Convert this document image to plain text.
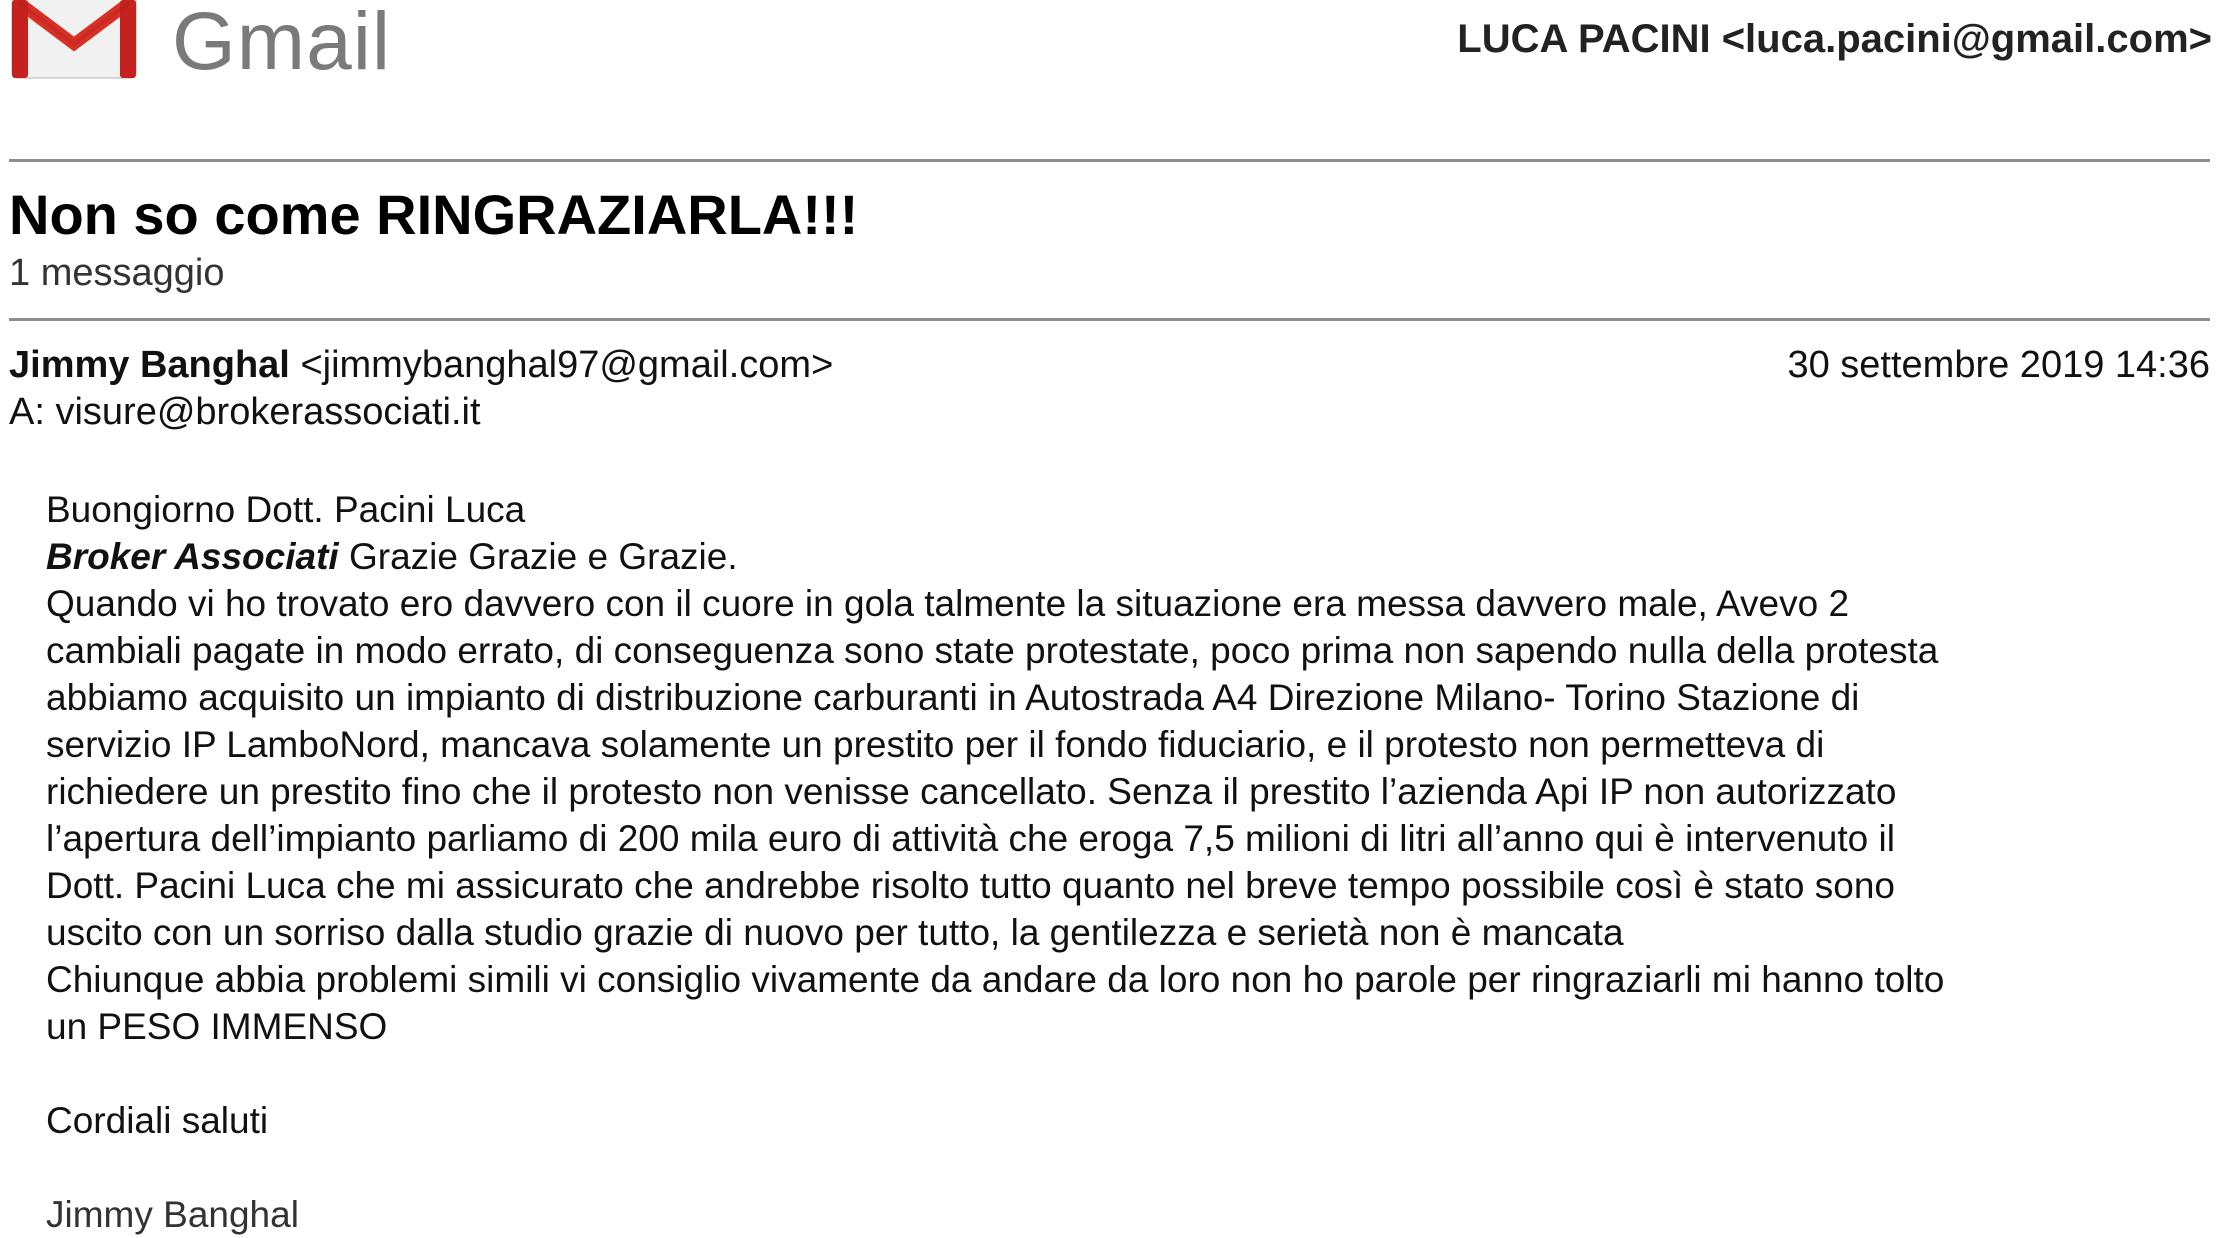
Gmail	LUCA PACINI <luca.pacini@gmail.com>
Non so come RINGRAZIARLA!!!
1 messaggio
Jimmy Banghal <jimmybanghal97@gmail.com>	30 settembre 2019 14:36
A: visure@brokerassociati.it

Buongiorno Dott. Pacini Luca

Broker Associati Grazie Grazie e Grazie.

Quando vi ho trovato ero davvero con il cuore in gola talmente la situazione era messa davvero male, Avevo 2

cambiali pagate in modo errato, di conseguenza sono state protestate, poco prima non sapendo nulla della protesta

abbiamo acquisito un impianto di distribuzione carburanti in Autostrada A4 Direzione Milano- Torino Stazione di

servizio IP LamboNord, mancava solamente un prestito per il fondo fiduciario, e il protesto non permetteva di

richiedere un prestito fino che il protesto non venisse cancellato. Senza il prestito l’azienda Api IP non autorizzato

l’apertura dell’impianto parliamo di 200 mila euro di attività che eroga 7,5 milioni di litri all’anno qui è intervenuto il

Dott. Pacini Luca che mi assicurato che andrebbe risolto tutto quanto nel breve tempo possibile così è stato sono

uscito con un sorriso dalla studio grazie di nuovo per tutto, la gentilezza e serietà non è mancata

Chiunque abbia problemi simili vi consiglio vivamente da andare da loro non ho parole per ringraziarli mi hanno tolto

un PESO IMMENSO

Cordiali saluti

Jimmy Banghal
